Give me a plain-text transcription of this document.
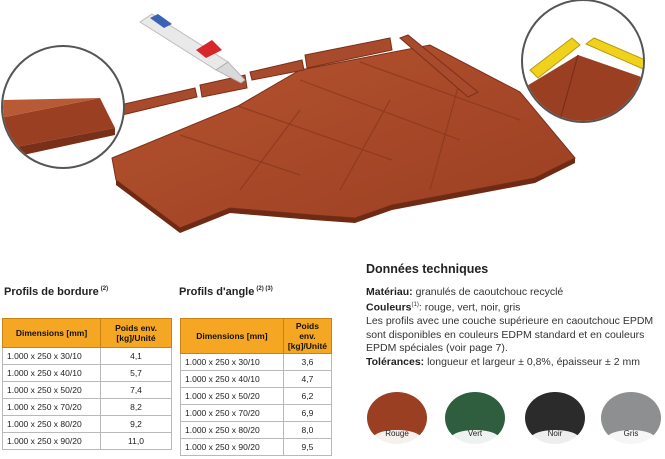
Profils de bordure $^{(2)}$
Dimensions [mm]	Poids env. [kg]/Unité
1.000 x 250 x 30/10	4,1
1.000 x 250 x 40/10	5,7
1.000 x 250 x 50/20	7,4
1.000 x 250 x 70/20	8,2
1.000 x 250 x 80/20	9,2
1.000 x 250 x 90/20	11,0
Profils d'angle $^{(2) (3)}$
Dimensions [mm]	Poids env. [kg]/Unité
1.000 x 250 x 30/10	3,6
1.000 x 250 x 40/10	4,7
1.000 x 250 x 50/20	6,2
1.000 x 250 x 70/20	6,9
1.000 x 250 x 80/20	8,0
1.000 x 250 x 90/20	9,5
Données techniques

Matériau: granulés de caoutchouc recyclé

Couleurs$^{(1)}$: rouge, vert, noir, gris

Les profils avec une couche supérieure en caoutchouc EPDM sont disponibles en couleurs EDPM standard et en couleurs EPDM spéciales (voir page 7).

Tolérances: longueur et largeur ± 0,8%, épaisseur ± 2 mm

Rouge	Vert	Noir	Gris
